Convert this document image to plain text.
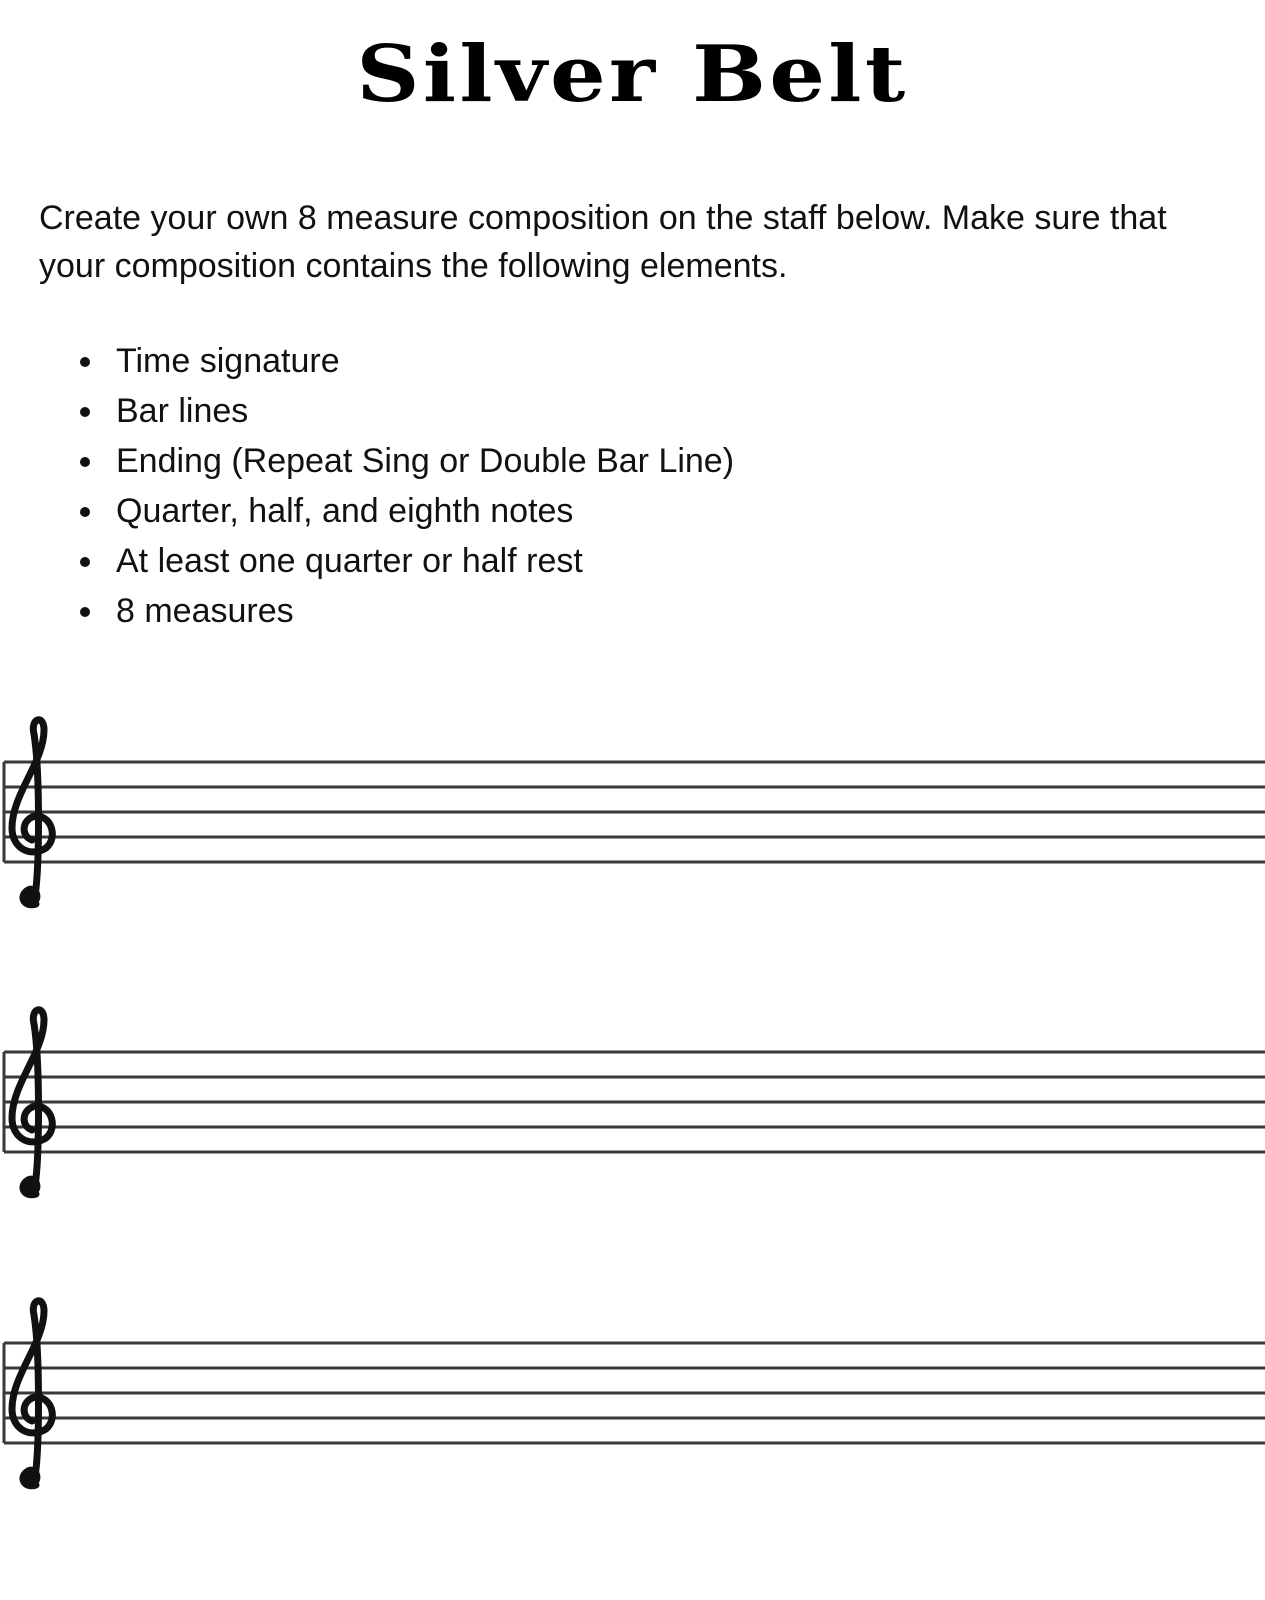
Silver Belt
Create your own 8 measure composition on the staff below. Make sure that your composition contains the following elements.
Time signature
Bar lines
Ending (Repeat Sing or Double Bar Line)
Quarter, half, and eighth notes
At least one quarter or half rest
8 measures
